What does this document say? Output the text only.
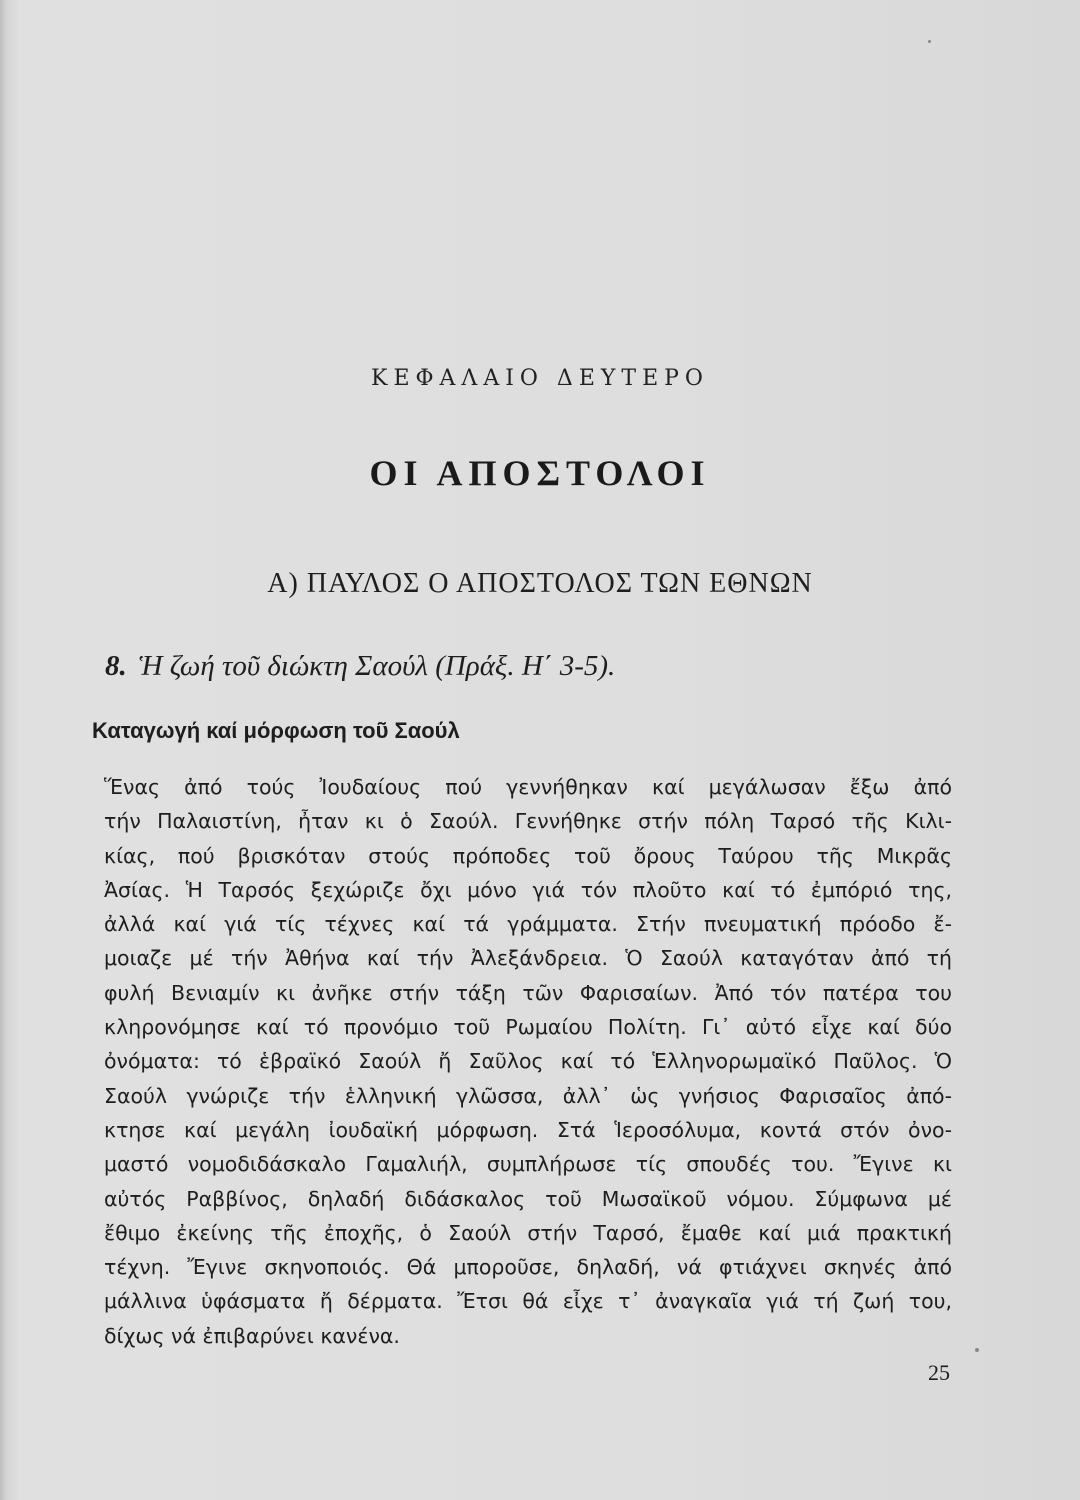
ΚΕΦΑΛΑΙΟ ΔΕΥΤΕΡΟ
ΟΙ ΑΠΟΣΤΟΛΟΙ
Α) ΠΑΥΛΟΣ Ο ΑΠΟΣΤΟΛΟΣ ΤΩΝ ΕΘΝΩΝ
8. Ἡ ζωή τοῦ διώκτη Σαούλ (Πράξ. Η΄ 3-5).
Καταγωγή καί μόρφωση τοῦ Σαούλ
Ἕνας ἀπό τούς Ἰουδαίους πού γεννήθηκαν καί μεγάλωσαν ἔξω ἀπό
τήν Παλαιστίνη, ἦταν κι ὁ Σαούλ. Γεννήθηκε στήν πόλη Ταρσό τῆς Κιλι-
κίας, πού βρισκόταν στούς πρόποδες τοῦ ὄρους Ταύρου τῆς Μικρᾶς
Ἀσίας. Ἡ Ταρσός ξεχώριζε ὄχι μόνο γιά τόν πλοῦτο καί τό ἐμπόριό της,
ἀλλά καί γιά τίς τέχνες καί τά γράμματα. Στήν πνευματική πρόοδο ἔ-
μοιαζε μέ τήν Ἀθήνα καί τήν Ἀλεξάνδρεια. Ὁ Σαούλ καταγόταν ἀπό τή
φυλή Βενιαμίν κι ἀνῆκε στήν τάξη τῶν Φαρισαίων. Ἀπό τόν πατέρα του
κληρονόμησε καί τό προνόμιο τοῦ Ρωμαίου Πολίτη. Γι᾽ αὐτό εἶχε καί δύο
ὀνόματα: τό ἑβραϊκό Σαούλ ἤ Σαῦλος καί τό Ἑλληνορωμαϊκό Παῦλος. Ὁ
Σαούλ γνώριζε τήν ἑλληνική γλῶσσα, ἀλλ᾽ ὡς γνήσιος Φαρισαῖος ἀπό-
κτησε καί μεγάλη ἰουδαϊκή μόρφωση. Στά Ἱεροσόλυμα, κοντά στόν ὀνο-
μαστό νομοδιδάσκαλο Γαμαλιήλ, συμπλήρωσε τίς σπουδές του. Ἔγινε κι
αὐτός Ραββίνος, δηλαδή διδάσκαλος τοῦ Μωσαϊκοῦ νόμου. Σύμφωνα μέ
ἔθιμο ἐκείνης τῆς ἐποχῆς, ὁ Σαούλ στήν Ταρσό, ἔμαθε καί μιά πρακτική
τέχνη. Ἔγινε σκηνοποιός. Θά μποροῦσε, δηλαδή, νά φτιάχνει σκηνές ἀπό
μάλλινα ὑφάσματα ἤ δέρματα. Ἔτσι θά εἶχε τ᾽ ἀναγκαῖα γιά τή ζωή του,
δίχως νά ἐπιβαρύνει κανένα.
25
